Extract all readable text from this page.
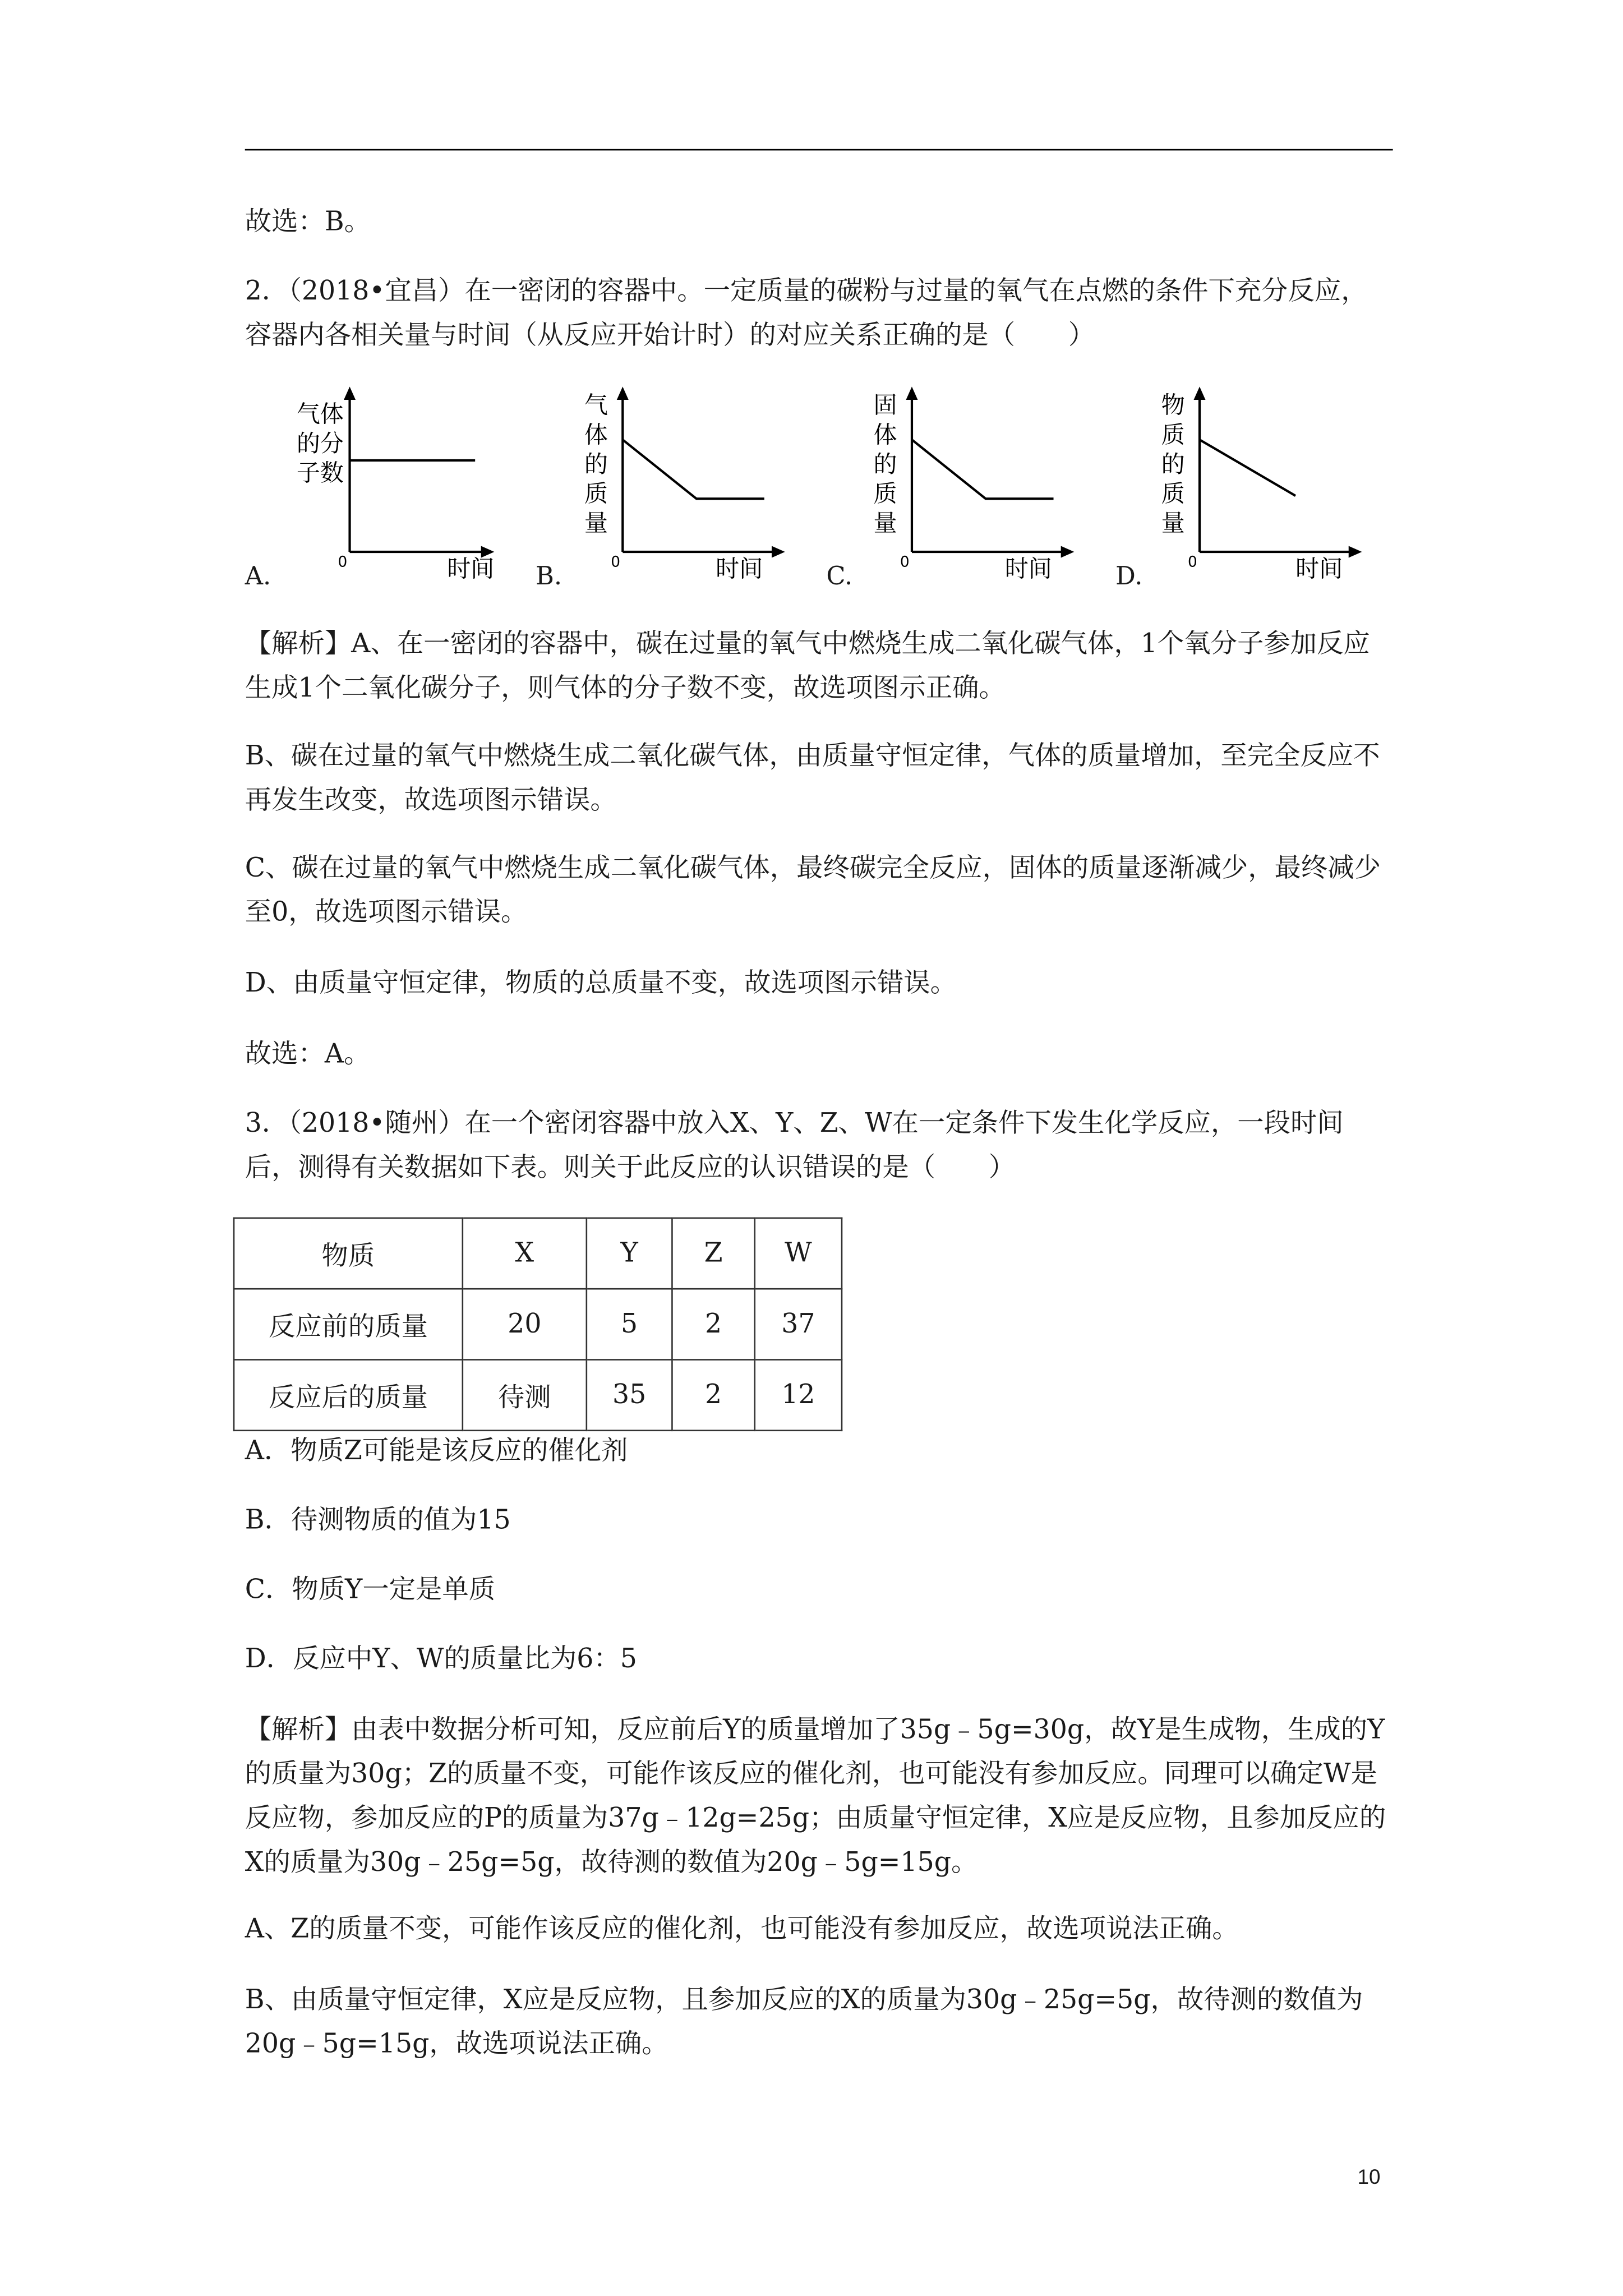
故选：B。
2．（2018•宜昌）在一密闭的容器中。一定质量的碳粉与过量的氧气在点燃的条件下充分反应，容器内各相关量与时间（从反应开始计时）的对应关系正确的是（　　）
A.
气体
的分
子数
0	时间	B.
气
体
的
质
量
0	时间	C.
固
体
的
质
量
0	时间	D.
物
质
的
质
量
0	时间
【解析】A、在一密闭的容器中，碳在过量的氧气中燃烧生成二氧化碳气体，1个氧分子参加反应生成1个二氧化碳分子，则气体的分子数不变，故选项图示正确。
B、碳在过量的氧气中燃烧生成二氧化碳气体，由质量守恒定律，气体的质量增加，至完全反应不再发生改变，故选项图示错误。
C、碳在过量的氧气中燃烧生成二氧化碳气体，最终碳完全反应，固体的质量逐渐减少，最终减少至0，故选项图示错误。
D、由质量守恒定律，物质的总质量不变，故选项图示错误。
故选：A。
3．（2018•随州）在一个密闭容器中放入X、Y、Z、W在一定条件下发生化学反应，一段时间后，测得有关数据如下表。则关于此反应的认识错误的是（　　）
物质	X	Y	Z	W
反应前的质量	20	5	2	37
反应后的质量	待测	35	2	12
A．物质Z可能是该反应的催化剂
B．待测物质的值为15
C．物质Y一定是单质
D．反应中Y、W的质量比为6：5
【解析】由表中数据分析可知，反应前后Y的质量增加了35g﹣5g=30g，故Y是生成物，生成的Y的质量为30g；Z的质量不变，可能作该反应的催化剂，也可能没有参加反应。同理可以确定W是反应物，参加反应的P的质量为37g﹣12g=25g；由质量守恒定律，X应是反应物，且参加反应的X的质量为30g﹣25g=5g，故待测的数值为20g﹣5g=15g。
A、Z的质量不变，可能作该反应的催化剂，也可能没有参加反应，故选项说法正确。
B、由质量守恒定律，X应是反应物，且参加反应的X的质量为30g﹣25g=5g，故待测的数值为20g﹣5g=15g，故选项说法正确。
10
